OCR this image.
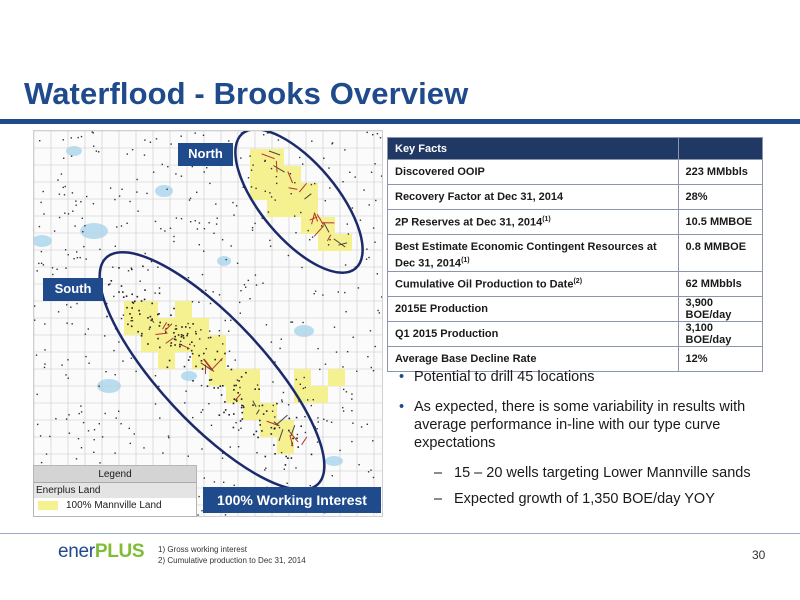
Waterflood - Brooks Overview
North
South
Legend
Enerplus Land
100% Mannville Land	100% Working Interest
Key Facts	
Discovered OOIP	223 MMbbls
Recovery Factor at Dec 31, 2014	28%
2P Reserves at Dec 31, 2014$^{(1)}$	10.5 MMBOE
Best Estimate Economic Contingent Resources at Dec 31, 2014$^{(1)}$	0.8 MMBOE
Cumulative Oil Production to Date$^{(2)}$	62 MMbbls
2015E Production	3,900 BOE/day
Q1 2015 Production	3,100 BOE/day
Average Base Decline Rate	12%
• Potential to drill 45 locations
• As expected, there is some variability in results with average performance in-line with our type curve expectations
– 15 – 20 wells targeting Lower Mannville sands
– Expected growth of 1,350 BOE/day YOY
enerPLUS 1) Gross working interest
2) Cumulative production to Dec 31, 2014	30
